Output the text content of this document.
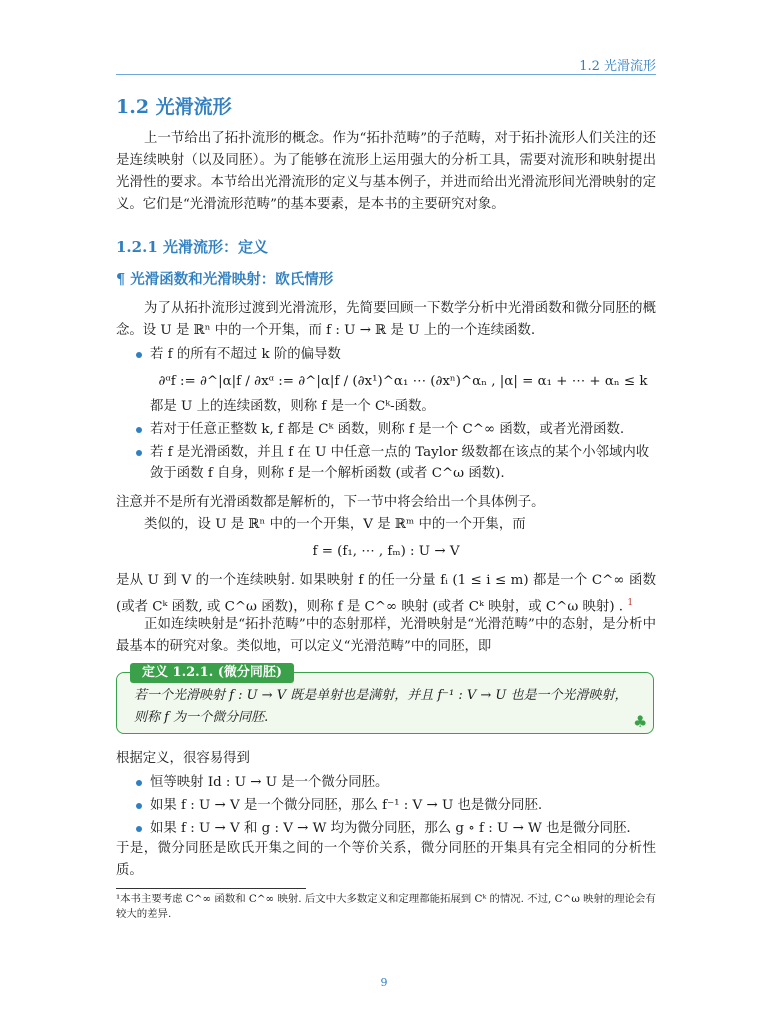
1.2 光滑流形
1.2 光滑流形
上一节给出了拓扑流形的概念。作为“拓扑范畴”的子范畴，对于拓扑流形人们关注的还是连续映射（以及同胚）。为了能够在流形上运用强大的分析工具，需要对流形和映射提出光滑性的要求。本节给出光滑流形的定义与基本例子，并进而给出光滑流形间光滑映射的定义。它们是“光滑流形范畴”的基本要素，是本书的主要研究对象。
1.2.1 光滑流形：定义
¶ 光滑函数和光滑映射：欧氏情形
为了从拓扑流形过渡到光滑流形，先简要回顾一下数学分析中光滑函数和微分同胚的概念。设 U 是 ℝⁿ 中的一个开集，而 f : U → ℝ 是 U 上的一个连续函数.
若 f 的所有不超过 k 阶的偏导数
∂ᵅf := ∂^|α|f / ∂xᵅ := ∂^|α|f / (∂x¹)^α₁ ⋯ (∂xⁿ)^αₙ , |α| = α₁ + ⋯ + αₙ ≤ k
都是 U 上的连续函数，则称 f 是一个 Cᵏ-函数。
若对于任意正整数 k, f 都是 Cᵏ 函数，则称 f 是一个 C^∞ 函数，或者光滑函数.
若 f 是光滑函数，并且 f 在 U 中任意一点的 Taylor 级数都在该点的某个小邻域内收敛于函数 f 自身，则称 f 是一个解析函数 (或者 C^ω 函数).
注意并不是所有光滑函数都是解析的，下一节中将会给出一个具体例子。
类似的，设 U 是 ℝⁿ 中的一个开集，V 是 ℝᵐ 中的一个开集，而
f = (f₁, ⋯ , fₘ) : U → V
是从 U 到 V 的一个连续映射. 如果映射 f 的任一分量 fᵢ (1 ≤ i ≤ m) 都是一个 C^∞ 函数 (或者 Cᵏ 函数, 或 C^ω 函数)，则称 f 是 C^∞ 映射 (或者 Cᵏ 映射，或 C^ω 映射) . $^1$
正如连续映射是“拓扑范畴”中的态射那样，光滑映射是“光滑范畴”中的态射，是分析中最基本的研究对象。类似地，可以定义“光滑范畴”中的同胚，即
定义 1.2.1. (微分同胚)
若一个光滑映射 f : U → V 既是单射也是满射，并且 f⁻¹ : V → U 也是一个光滑映射，则称 f 为一个微分同胚.	♣
根据定义，很容易得到
恒等映射 Id : U → U 是一个微分同胚。
如果 f : U → V 是一个微分同胚，那么 f⁻¹ : V → U 也是微分同胚.
如果 f : U → V 和 g : V → W 均为微分同胚，那么 g ∘ f : U → W 也是微分同胚.
于是，微分同胚是欧氏开集之间的一个等价关系，微分同胚的开集具有完全相同的分析性质。
¹本书主要考虑 C^∞ 函数和 C^∞ 映射. 后文中大多数定义和定理都能拓展到 Cᵏ 的情况. 不过, C^ω 映射的理论会有较大的差异.
9
